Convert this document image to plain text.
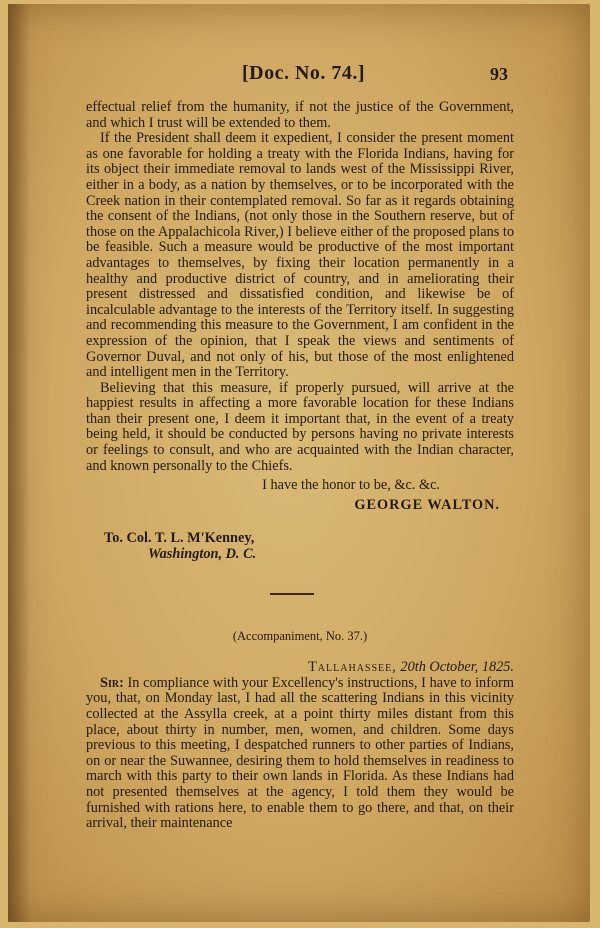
[Doc. No. 74.]	93

effectual relief from the humanity, if not the justice of the Government, and which I trust will be extended to them.

If the President shall deem it expedient, I consider the present moment as one favorable for holding a treaty with the Florida Indians, having for its object their immediate removal to lands west of the Mississippi River, either in a body, as a nation by themselves, or to be incorporated with the Creek nation in their contemplated removal. So far as it regards obtaining the consent of the Indians, (not only those in the Southern reserve, but of those on the Appalachicola River,) I believe either of the proposed plans to be feasible. Such a measure would be productive of the most important advantages to themselves, by fixing their location permanently in a healthy and productive district of country, and in ameliorating their present distressed and dissatisfied condition, and likewise be of incalculable advantage to the interests of the Territory itself. In suggesting and recommending this measure to the Government, I am confident in the expression of the opinion, that I speak the views and sentiments of Governor Duval, and not only of his, but those of the most enlightened and intelligent men in the Territory.

Believing that this measure, if properly pursued, will arrive at the happiest results in affecting a more favorable location for these Indians than their present one, I deem it important that, in the event of a treaty being held, it should be conducted by persons having no private interests or feelings to consult, and who are acquainted with the Indian character, and known personally to the Chiefs.

I have the honor to be, &c. &c.
GEORGE WALTON.
To. Col. T. L. M'Kenney,
Washington, D. C.
(Accompaniment, No. 37.)
Tallahassee, 20th October, 1825.

Sir: In compliance with your Excellency's instructions, I have to inform you, that, on Monday last, I had all the scattering Indians in this vicinity collected at the Assylla creek, at a point thirty miles distant from this place, about thirty in number, men, women, and children. Some days previous to this meeting, I despatched runners to other parties of Indians, on or near the Suwannee, desiring them to hold themselves in readiness to march with this party to their own lands in Florida. As these Indians had not presented themselves at the agency, I told them they would be furnished with rations here, to enable them to go there, and that, on their arrival, their maintenance
